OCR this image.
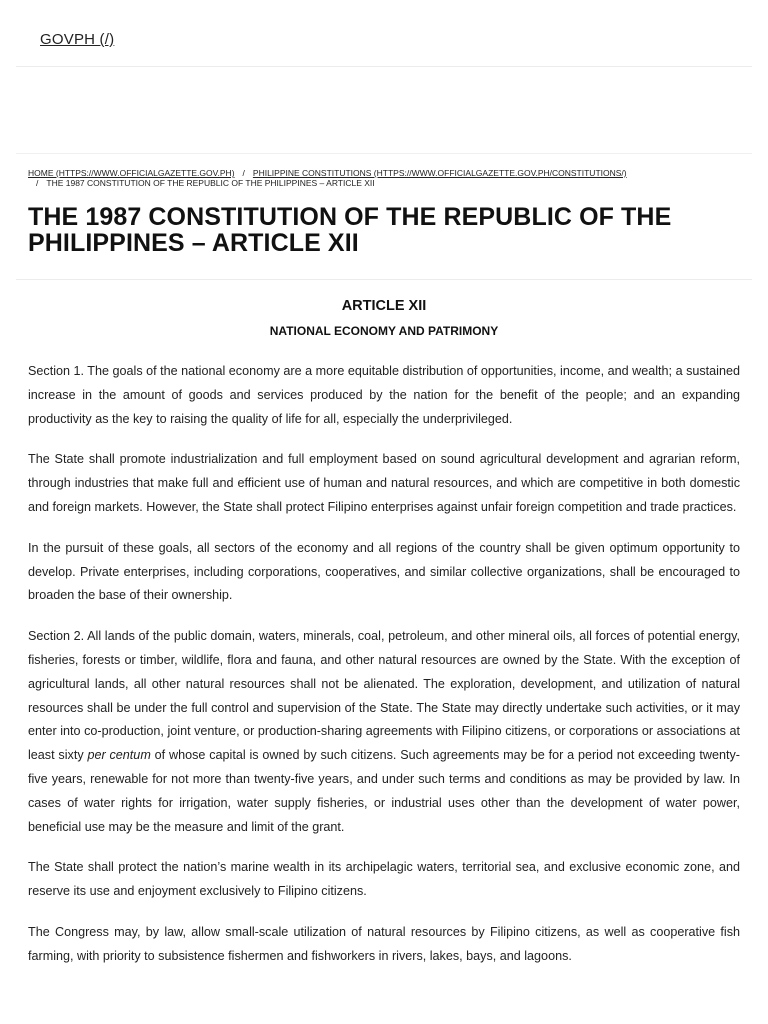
GOVPH (/)
HOME (HTTPS://WWW.OFFICIALGAZETTE.GOV.PH) / PHILIPPINE CONSTITUTIONS (HTTPS://WWW.OFFICIALGAZETTE.GOV.PH/CONSTITUTIONS/)
/ THE 1987 CONSTITUTION OF THE REPUBLIC OF THE PHILIPPINES – ARTICLE XII
THE 1987 CONSTITUTION OF THE REPUBLIC OF THE PHILIPPINES – ARTICLE XII
ARTICLE XII
NATIONAL ECONOMY AND PATRIMONY

Section 1. The goals of the national economy are a more equitable distribution of opportunities, income, and wealth; a sustained increase in the amount of goods and services produced by the nation for the benefit of the people; and an expanding productivity as the key to raising the quality of life for all, especially the underprivileged.

The State shall promote industrialization and full employment based on sound agricultural development and agrarian reform, through industries that make full and efficient use of human and natural resources, and which are competitive in both domestic and foreign markets. However, the State shall protect Filipino enterprises against unfair foreign competition and trade practices.

In the pursuit of these goals, all sectors of the economy and all regions of the country shall be given optimum opportunity to develop. Private enterprises, including corporations, cooperatives, and similar collective organizations, shall be encouraged to broaden the base of their ownership.

Section 2. All lands of the public domain, waters, minerals, coal, petroleum, and other mineral oils, all forces of potential energy, fisheries, forests or timber, wildlife, flora and fauna, and other natural resources are owned by the State. With the exception of agricultural lands, all other natural resources shall not be alienated. The exploration, development, and utilization of natural resources shall be under the full control and supervision of the State. The State may directly undertake such activities, or it may enter into co-production, joint venture, or production-sharing agreements with Filipino citizens, or corporations or associations at least sixty per centum of whose capital is owned by such citizens. Such agreements may be for a period not exceeding twenty-five years, renewable for not more than twenty-five years, and under such terms and conditions as may be provided by law. In cases of water rights for irrigation, water supply fisheries, or industrial uses other than the development of water power, beneficial use may be the measure and limit of the grant.

The State shall protect the nation’s marine wealth in its archipelagic waters, territorial sea, and exclusive economic zone, and reserve its use and enjoyment exclusively to Filipino citizens.

The Congress may, by law, allow small-scale utilization of natural resources by Filipino citizens, as well as cooperative fish farming, with priority to subsistence fishermen and fishworkers in rivers, lakes, bays, and lagoons.
